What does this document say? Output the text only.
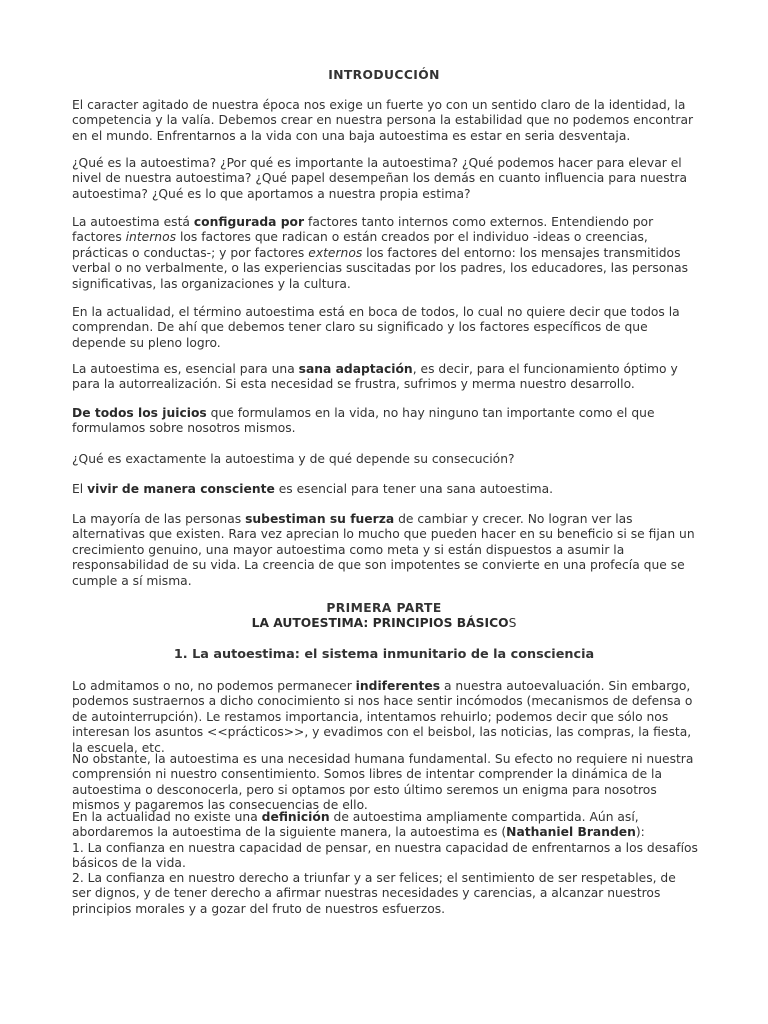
INTRODUCCIÓN

El caracter agitado de nuestra época nos exige un fuerte yo con un sentido claro de la identidad, la competencia y la valía. Debemos crear en nuestra persona la estabilidad que no podemos encontrar en el mundo. Enfrentarnos a la vida con una baja autoestima es estar en seria desventaja.

¿Qué es la autoestima? ¿Por qué es importante la autoestima? ¿Qué podemos hacer para elevar el nivel de nuestra autoestima? ¿Qué papel desempeñan los demás en cuanto influencia para nuestra autoestima? ¿Qué es lo que aportamos a nuestra propia estima?

La autoestima está configurada por factores tanto internos como externos. Entendiendo por factores internos los factores que radican o están creados por el individuo -ideas o creencias, prácticas o conductas-; y por factores externos los factores del entorno: los mensajes transmitidos verbal o no verbalmente, o las experiencias suscitadas por los padres, los educadores, las personas significativas, las organizaciones y la cultura.

En la actualidad, el término autoestima está en boca de todos, lo cual no quiere decir que todos la comprendan. De ahí que debemos tener claro su significado y los factores específicos de que depende su pleno logro.

La autoestima es, esencial para una sana adaptación, es decir, para el funcionamiento óptimo y para la autorrealización. Si esta necesidad se frustra, sufrimos y merma nuestro desarrollo.

De todos los juicios que formulamos en la vida, no hay ninguno tan importante como el que formulamos sobre nosotros mismos.

¿Qué es exactamente la autoestima y de qué depende su consecución?

El vivir de manera consciente es esencial para tener una sana autoestima.

La mayoría de las personas subestiman su fuerza de cambiar y crecer. No logran ver las alternativas que existen. Rara vez aprecian lo mucho que pueden hacer en su beneficio si se fijan un crecimiento genuino, una mayor autoestima como meta y si están dispuestos a asumir la responsabilidad de su vida. La creencia de que son impotentes se convierte en una profecía que se cumple a sí misma.

PRIMERA PARTE
LA AUTOESTIMA: PRINCIPIOS BÁSICOS
1. La autoestima: el sistema inmunitario de la consciencia

Lo admitamos o no, no podemos permanecer indiferentes a nuestra autoevaluación. Sin embargo, podemos sustraernos a dicho conocimiento si nos hace sentir incómodos (mecanismos de defensa o de autointerrupción). Le restamos importancia, intentamos rehuirlo; podemos decir que sólo nos interesan los asuntos <<prácticos>>, y evadimos con el beisbol, las noticias, las compras, la fiesta, la escuela, etc.

No obstante, la autoestima es una necesidad humana fundamental. Su efecto no requiere ni nuestra comprensión ni nuestro consentimiento. Somos libres de intentar comprender la dinámica de la autoestima o desconocerla, pero si optamos por esto último seremos un enigma para nosotros mismos y pagaremos las consecuencias de ello.

En la actualidad no existe una definición de autoestima ampliamente compartida. Aún así, abordaremos la autoestima de la siguiente manera, la autoestima es (Nathaniel Branden):

1. La confianza en nuestra capacidad de pensar, en nuestra capacidad de enfrentarnos a los desafíos básicos de la vida.

2. La confianza en nuestro derecho a triunfar y a ser felices; el sentimiento de ser respetables, de ser dignos, y de tener derecho a afirmar nuestras necesidades y carencias, a alcanzar nuestros principios morales y a gozar del fruto de nuestros esfuerzos.
